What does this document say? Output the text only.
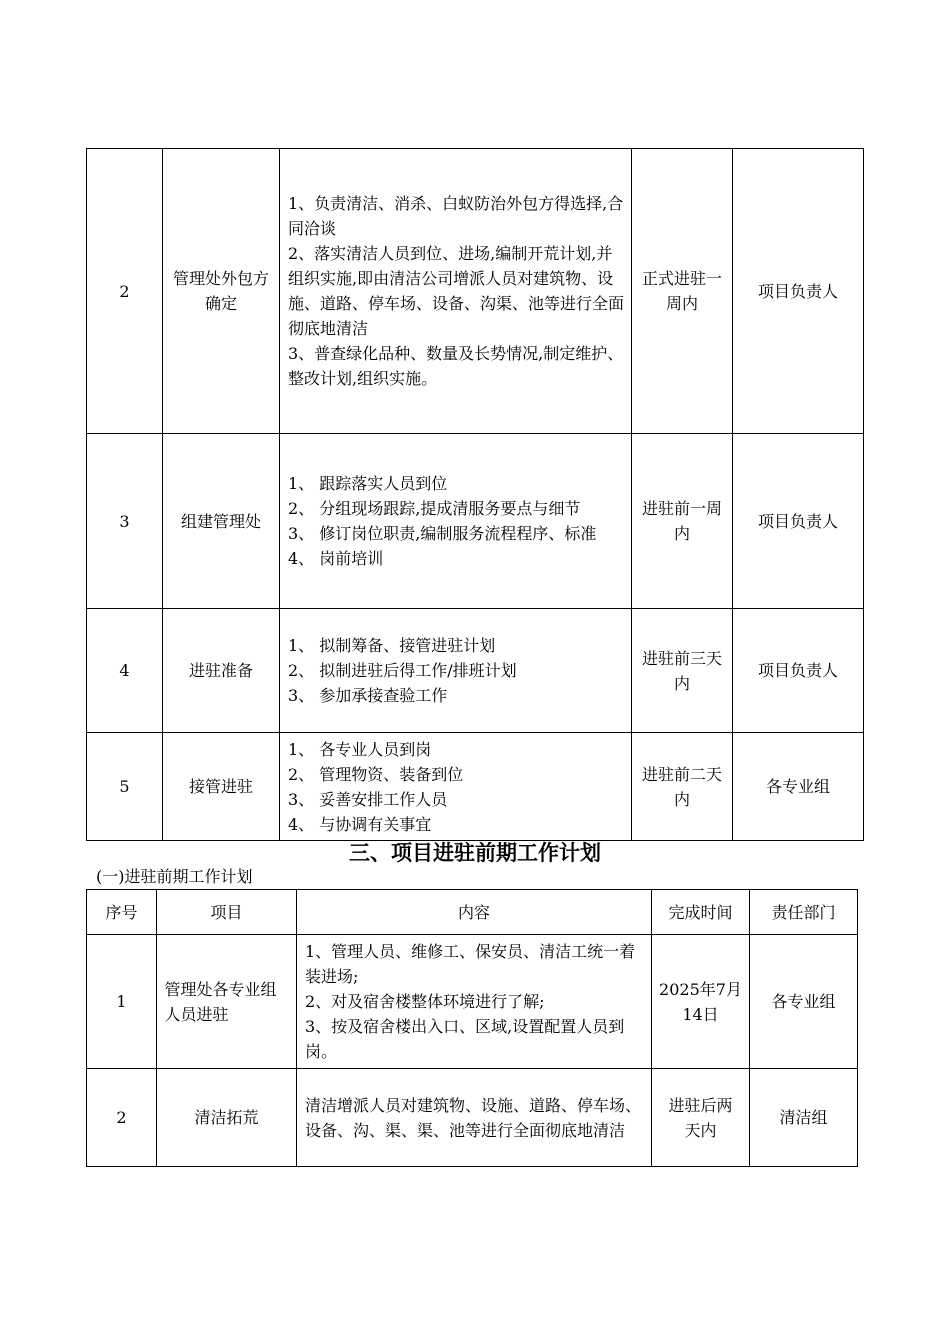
2	管理处外包方确定	1、负责清洁、消杀、白蚁防治外包方得选择,合同洽谈
2、落实清洁人员到位、进场,编制开荒计划,并组织实施,即由清洁公司增派人员对建筑物、设施、道路、停车场、设备、沟渠、池等进行全面彻底地清洁
3、普查绿化品种、数量及长势情况,制定维护、整改计划,组织实施。	正式进驻一周内	项目负责人
3	组建管理处	1、 跟踪落实人员到位
2、 分组现场跟踪,提成清服务要点与细节
3、 修订岗位职责,编制服务流程程序、标准
4、 岗前培训	进驻前一周内	项目负责人
4	进驻准备	1、 拟制筹备、接管进驻计划
2、 拟制进驻后得工作/排班计划
3、 参加承接查验工作	进驻前三天内	项目负责人
5	接管进驻	1、 各专业人员到岗
2、 管理物资、装备到位
3、 妥善安排工作人员
4、 与协调有关事宜	进驻前二天内	各专业组
三、项目进驻前期工作计划
(一)进驻前期工作计划
序号	项目	内容	完成时间	责任部门
1	管理处各专业组人员进驻	1、管理人员、维修工、保安员、清洁工统一着装进场;
2、对及宿舍楼整体环境进行了解;
3、按及宿舍楼出入口、区域,设置配置人员到岗。	2025年7月14日	各专业组
2	清洁拓荒	清洁增派人员对建筑物、设施、道路、停车场、设备、沟、渠、渠、池等进行全面彻底地清洁	进驻后两天内	清洁组
